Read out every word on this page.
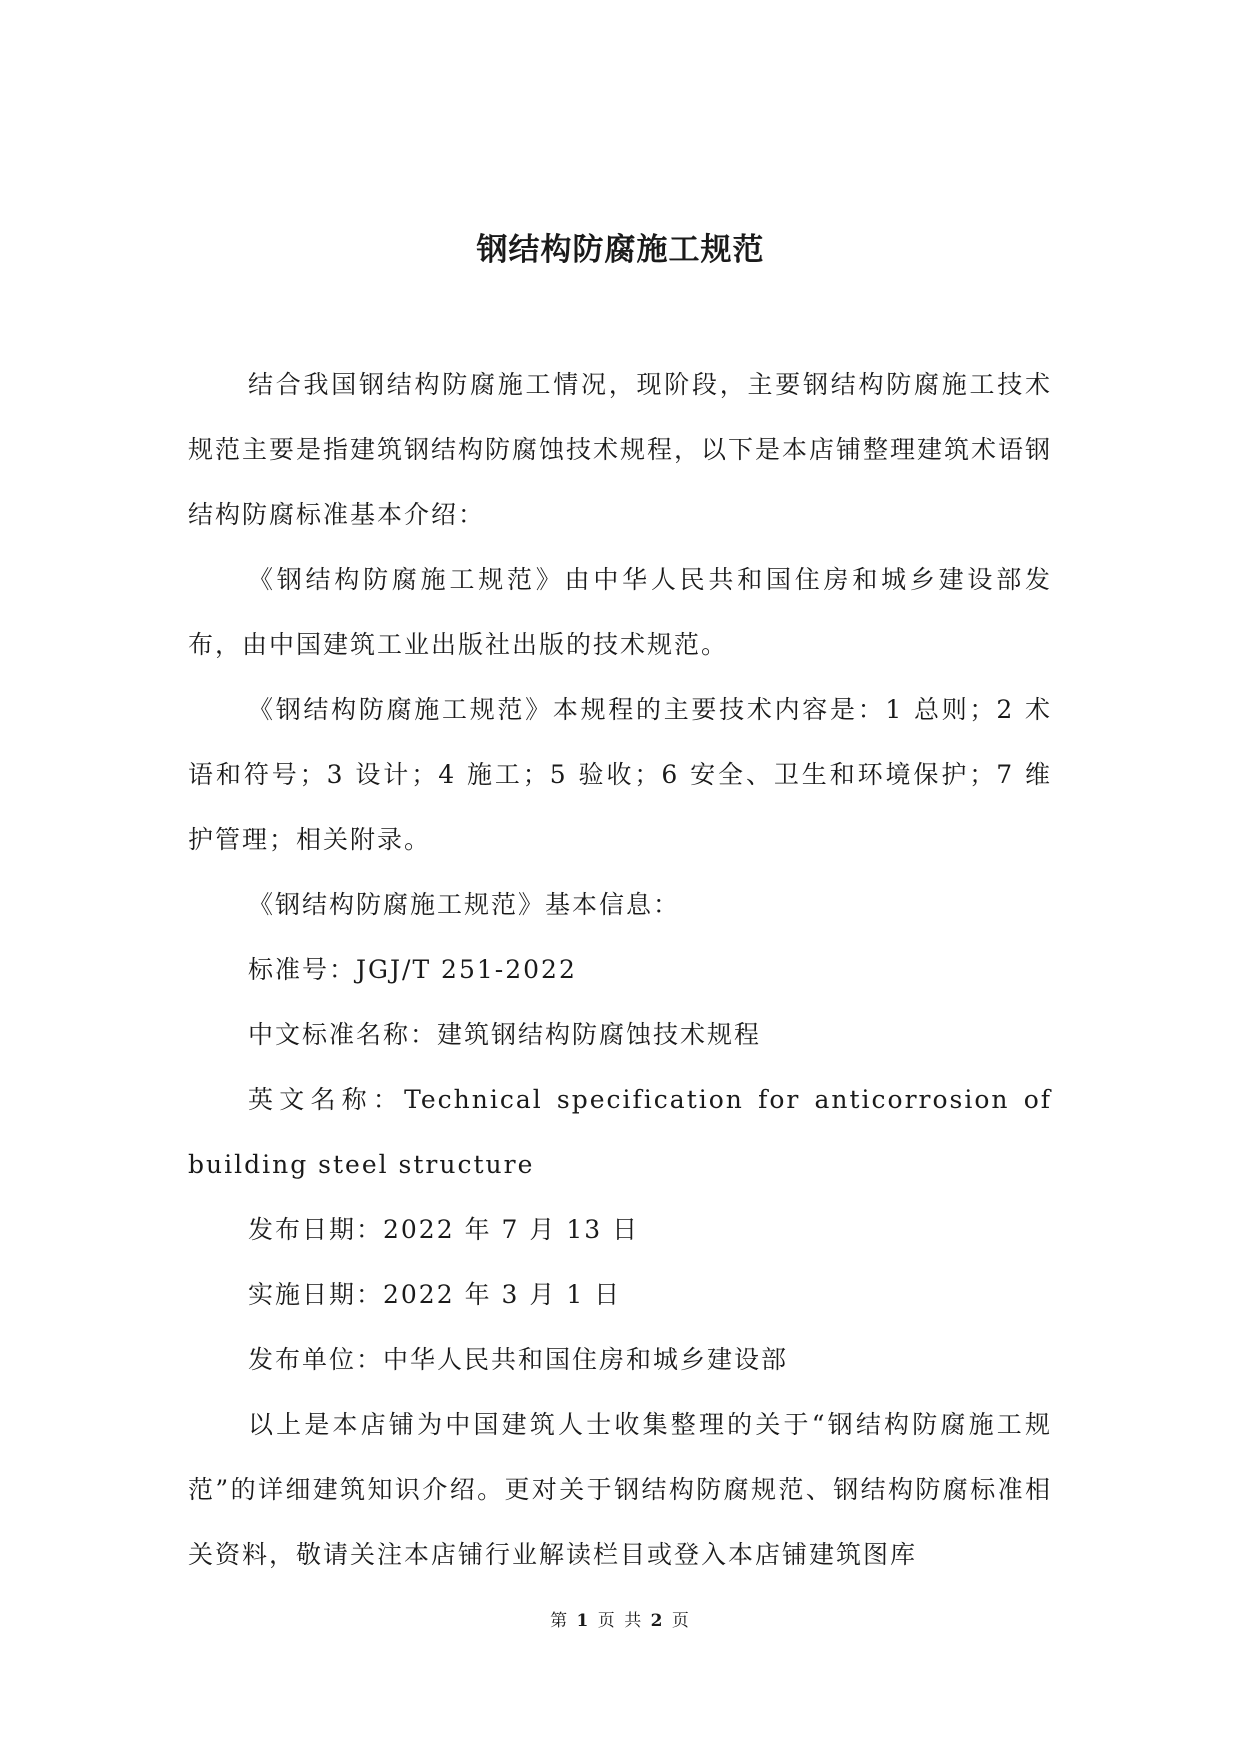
钢结构防腐施工规范

结合我国钢结构防腐施工情况，现阶段，主要钢结构防腐施工技术规范主要是指建筑钢结构防腐蚀技术规程，以下是本店铺整理建筑术语钢结构防腐标准基本介绍：

《钢结构防腐施工规范》由中华人民共和国住房和城乡建设部发布，由中国建筑工业出版社出版的技术规范。

《钢结构防腐施工规范》本规程的主要技术内容是：1 总则；2 术语和符号；3 设计；4 施工；5 验收；6 安全、卫生和环境保护；7 维护管理；相关附录。

《钢结构防腐施工规范》基本信息：

标准号：JGJ/T 251-2022

中文标准名称：建筑钢结构防腐蚀技术规程

英文名称：Technical specification for anticorrosion of building steel structure

发布日期：2022 年 7 月 13 日

实施日期：2022 年 3 月 1 日

发布单位：中华人民共和国住房和城乡建设部

以上是本店铺为中国建筑人士收集整理的关于“钢结构防腐施工规范”的详细建筑知识介绍。更对关于钢结构防腐规范、钢结构防腐标准相关资料，敬请关注本店铺行业解读栏目或登入本店铺建筑图库

第 1 页 共 2 页
